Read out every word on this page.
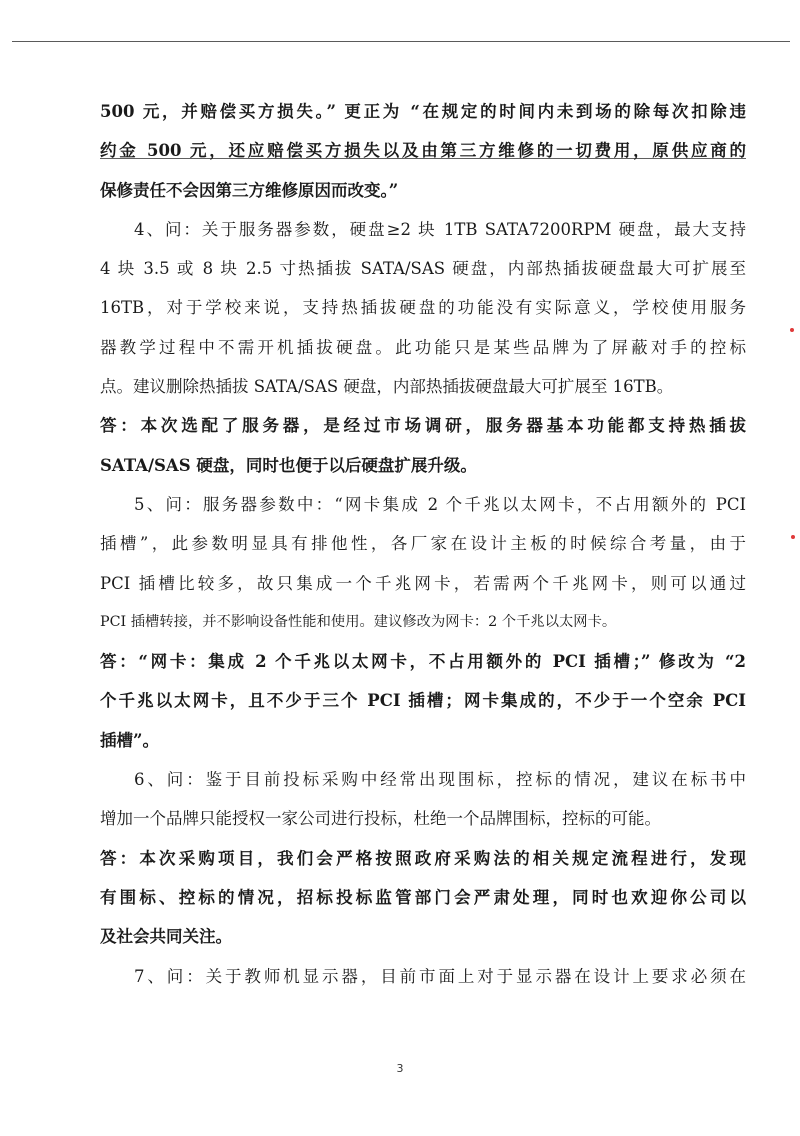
500 元，并赔偿买方损失。” 更正为 “在规定的时间内未到场的除每次扣除违
约金 500 元，还应赔偿买方损失以及由第三方维修的一切费用，原供应商的
保修责任不会因第三方维修原因而改变。”

4、问：关于服务器参数，硬盘≥2 块 1TB SATA7200RPM 硬盘，最大支持
4 块 3.5 或 8 块 2.5 寸热插拔 SATA/SAS 硬盘，内部热插拔硬盘最大可扩展至
16TB，对于学校来说，支持热插拔硬盘的功能没有实际意义，学校使用服务
器教学过程中不需开机插拔硬盘。此功能只是某些品牌为了屏蔽对手的控标
点。建议删除热插拔 SATA/SAS 硬盘，内部热插拔硬盘最大可扩展至 16TB。

答：本次选配了服务器，是经过市场调研，服务器基本功能都支持热插拔
SATA/SAS 硬盘，同时也便于以后硬盘扩展升级。

5、问：服务器参数中：“网卡集成 2 个千兆以太网卡，不占用额外的 PCI
插槽”，此参数明显具有排他性，各厂家在设计主板的时候综合考量，由于
PCI 插槽比较多，故只集成一个千兆网卡，若需两个千兆网卡，则可以通过
PCI 插槽转接，并不影响设备性能和使用。建议修改为网卡：2 个千兆以太网卡。

答：“网卡：集成 2 个千兆以太网卡，不占用额外的 PCI 插槽；” 修改为 “2
个千兆以太网卡，且不少于三个 PCI 插槽；网卡集成的，不少于一个空余 PCI
插槽”。

6、问：鉴于目前投标采购中经常出现围标，控标的情况，建议在标书中
增加一个品牌只能授权一家公司进行投标，杜绝一个品牌围标，控标的可能。

答：本次采购项目，我们会严格按照政府采购法的相关规定流程进行，发现
有围标、控标的情况，招标投标监管部门会严肃处理，同时也欢迎你公司以
及社会共同关注。

7、问：关于教师机显示器，目前市面上对于显示器在设计上要求必须在

3
